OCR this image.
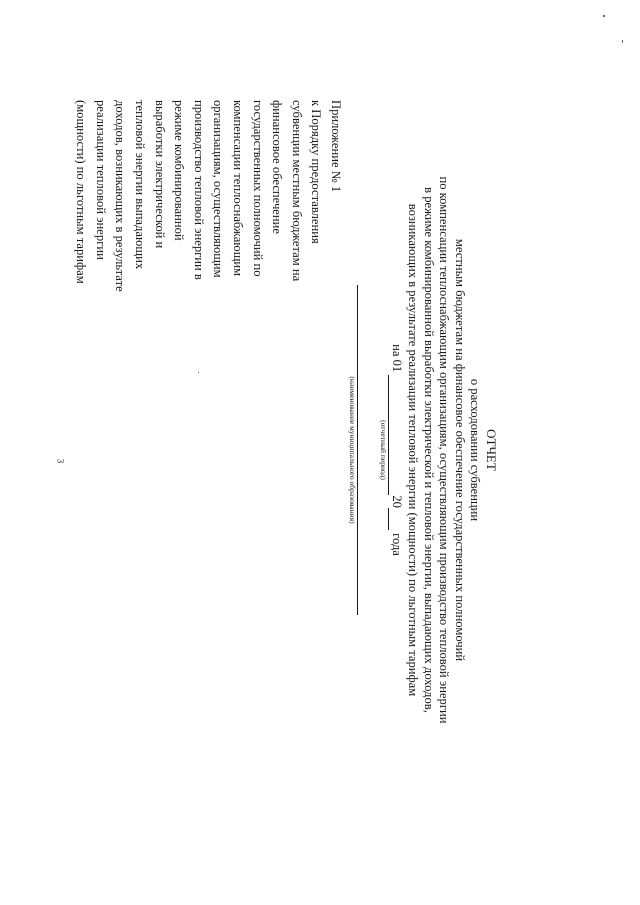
3
Приложение № 1
к Порядку предоставления
субвенции местным бюджетам на
финансовое обеспечение
государственных полномочий по
компенсации теплоснабжающим
организациям, осуществляющим
производство тепловой энергии в
режиме комбинированной
выработки электрической и
тепловой энергии выпадающих
доходов, возникающих в результате
реализации тепловой энергии
(мощности) по льготным тарифам
ОТЧЕТ
о расходовании субвенции
местным бюджетам на финансовое обеспечение государственных полномочий
по компенсации теплоснабжающим организациям, осуществляющим производство тепловой энергии
в режиме комбинированной выработки электрической и тепловой энергии, выпадающих доходов,
возникающих в результате реализации тепловой энергии (мощности) по льготным тарифам
на 01  20  года
(отчетный период)
(наименование муниципального образования)
